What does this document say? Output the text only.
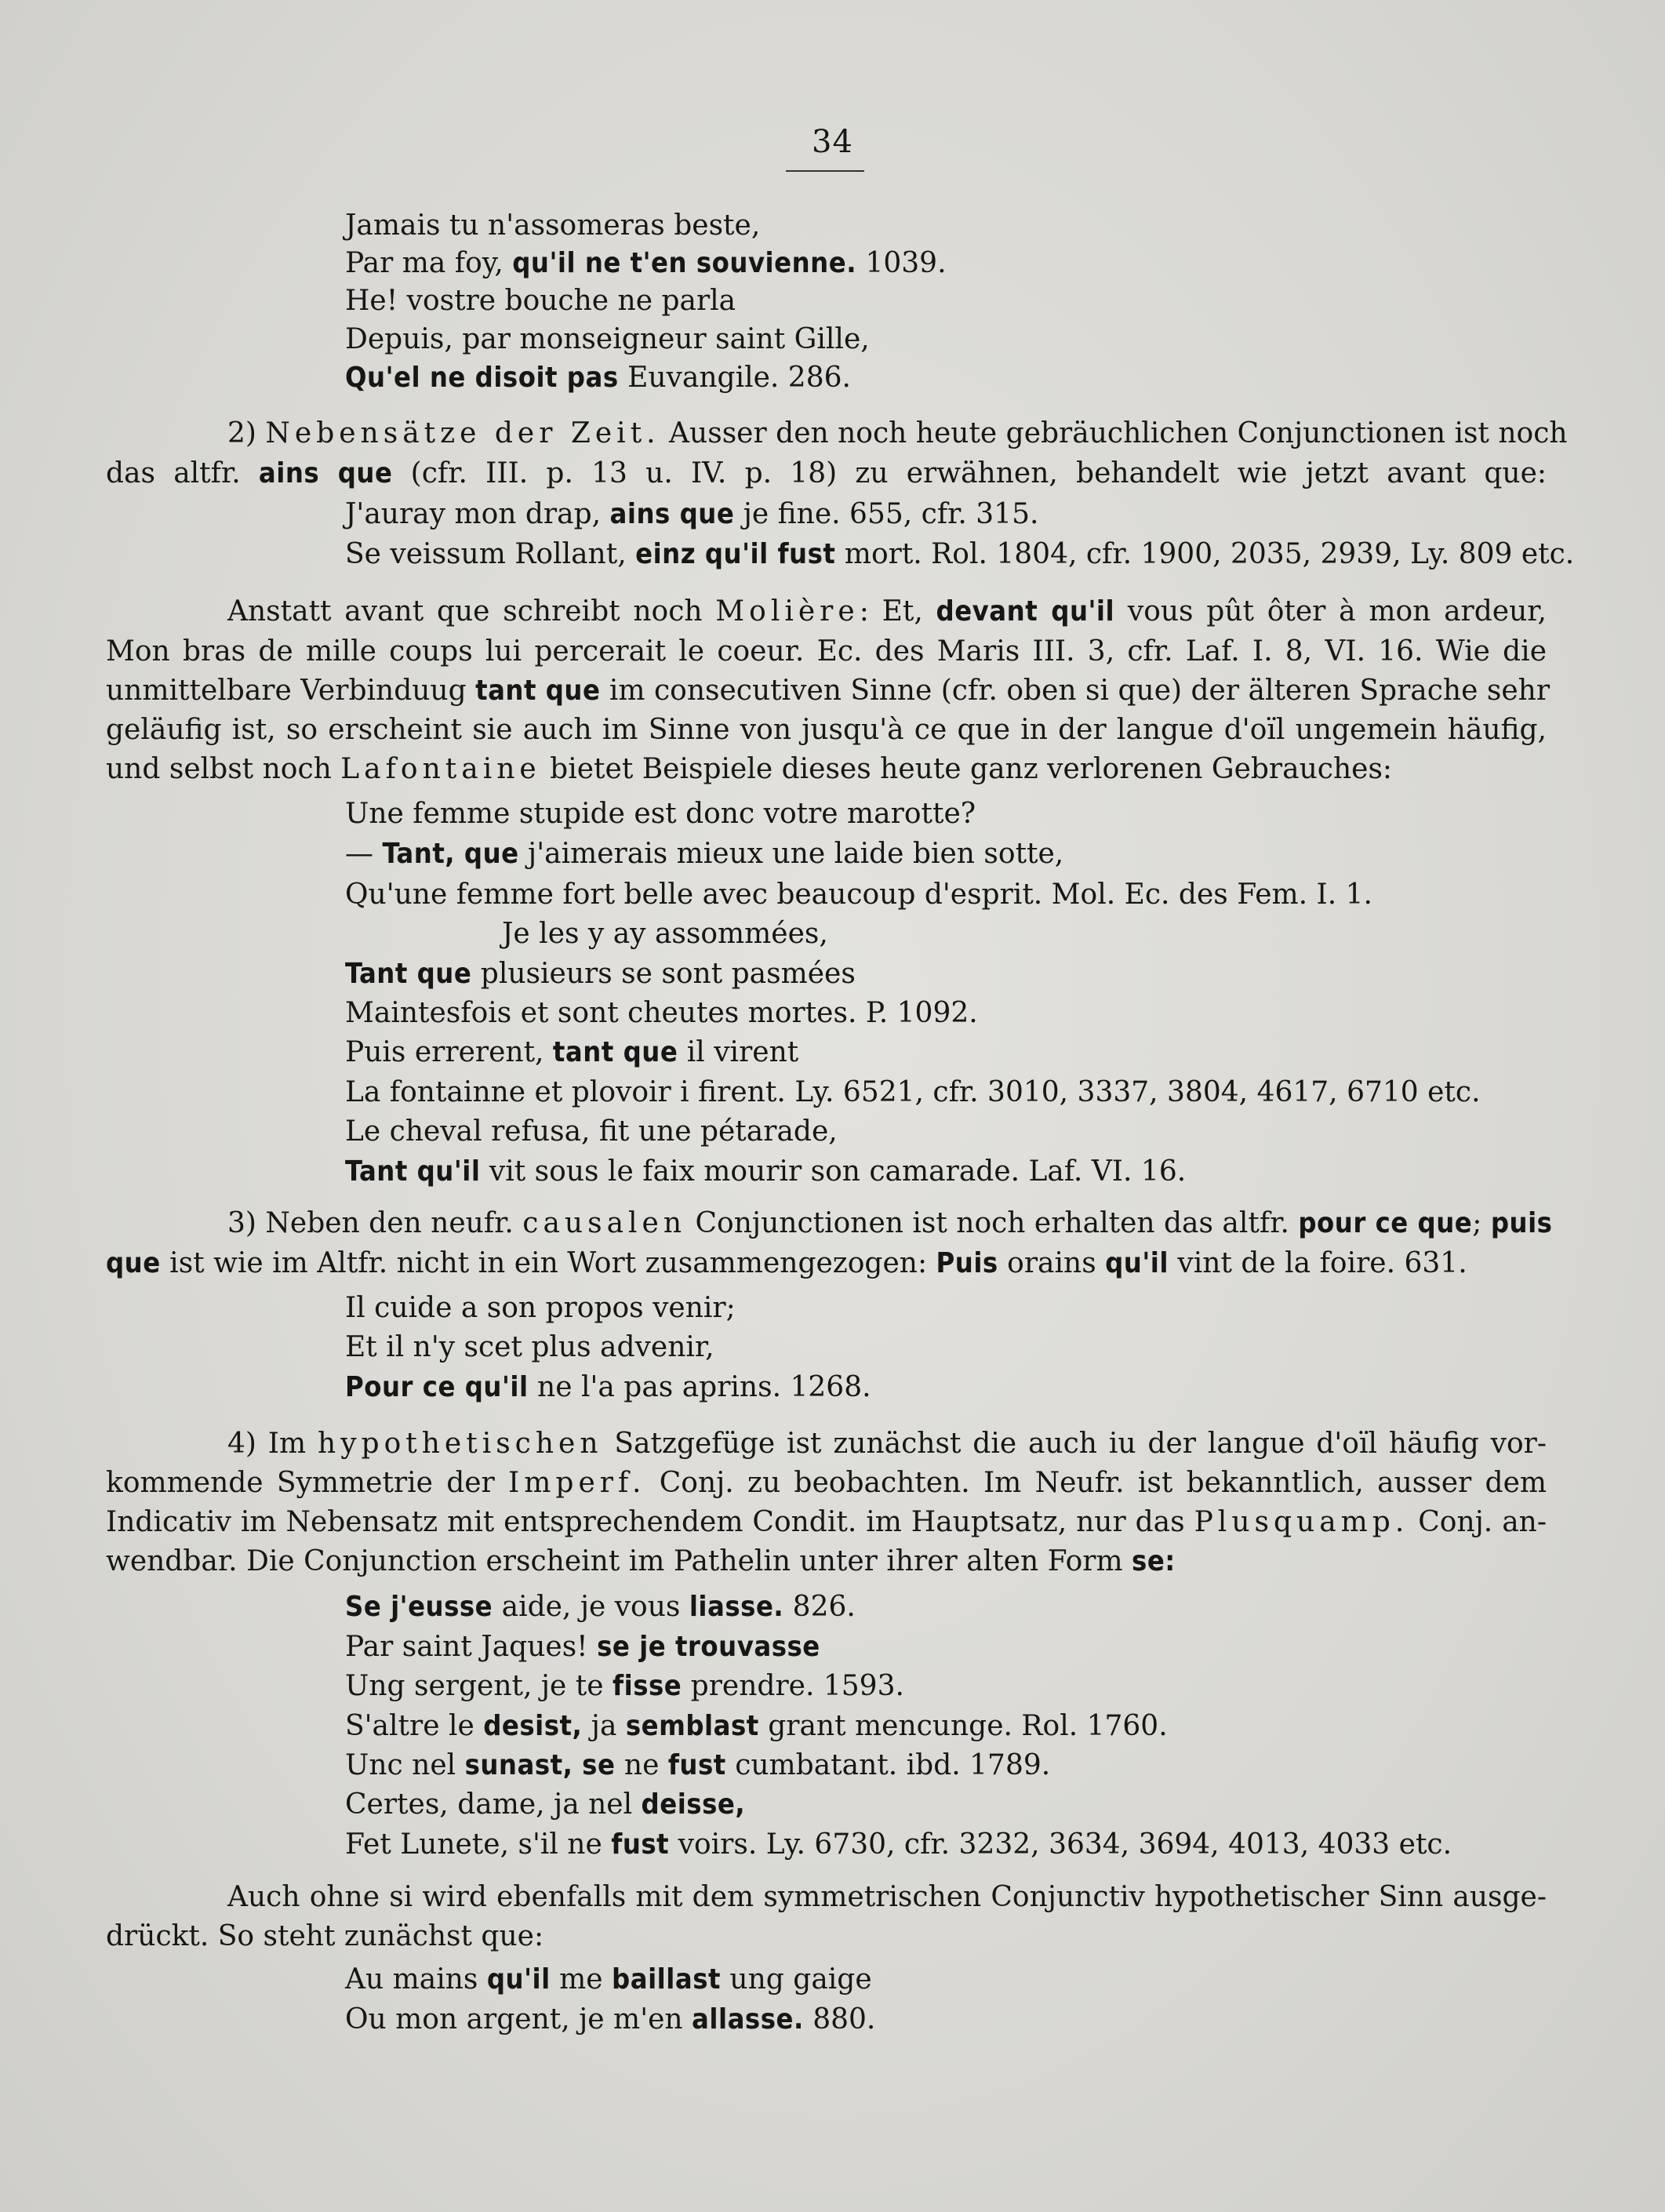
34
Jamais tu n'assomeras beste,
Par ma foy, qu'il ne t'en souvienne. 1039.
He! vostre bouche ne parla
Depuis, par monseigneur saint Gille,
Qu'el ne disoit pas Euvangile. 286.
2) Nebensätze der Zeit. Ausser den noch heute gebräuchlichen Conjunctionen ist noch
das altfr. ains que (cfr. III. p. 13 u. IV. p. 18) zu erwähnen, behandelt wie jetzt avant que:
J'auray mon drap, ains que je fine. 655, cfr. 315.
Se veissum Rollant, einz qu'il fust mort. Rol. 1804, cfr. 1900, 2035, 2939, Ly. 809 etc.
Anstatt avant que schreibt noch Molière: Et, devant qu'il vous pût ôter à mon ardeur,
Mon bras de mille coups lui percerait le coeur. Ec. des Maris III. 3, cfr. Laf. I. 8, VI. 16. Wie die
unmittelbare Verbinduug tant que im consecutiven Sinne (cfr. oben si que) der älteren Sprache sehr
geläufig ist, so erscheint sie auch im Sinne von jusqu'à ce que in der langue d'oïl ungemein häufig,
und selbst noch Lafontaine bietet Beispiele dieses heute ganz verlorenen Gebrauches:
Une femme stupide est donc votre marotte?
— Tant, que j'aimerais mieux une laide bien sotte,
Qu'une femme fort belle avec beaucoup d'esprit. Mol. Ec. des Fem. I. 1.
Je les y ay assommées,
Tant que plusieurs se sont pasmées
Maintesfois et sont cheutes mortes. P. 1092.
Puis errerent, tant que il virent
La fontainne et plovoir i firent. Ly. 6521, cfr. 3010, 3337, 3804, 4617, 6710 etc.
Le cheval refusa, fit une pétarade,
Tant qu'il vit sous le faix mourir son camarade. Laf. VI. 16.
3) Neben den neufr. causalen Conjunctionen ist noch erhalten das altfr. pour ce que; puis
que ist wie im Altfr. nicht in ein Wort zusammengezogen: Puis orains qu'il vint de la foire. 631.
Il cuide a son propos venir;
Et il n'y scet plus advenir,
Pour ce qu'il ne l'a pas aprins. 1268.
4) Im hypothetischen Satzgefüge ist zunächst die auch iu der langue d'oïl häufig vor-
kommende Symmetrie der Imperf. Conj. zu beobachten. Im Neufr. ist bekanntlich, ausser dem
Indicativ im Nebensatz mit entsprechendem Condit. im Hauptsatz, nur das Plusquamp. Conj. an-
wendbar. Die Conjunction erscheint im Pathelin unter ihrer alten Form se:
Se j'eusse aide, je vous liasse. 826.
Par saint Jaques! se je trouvasse
Ung sergent, je te fisse prendre. 1593.
S'altre le desist, ja semblast grant mencunge. Rol. 1760.
Unc nel sunast, se ne fust cumbatant. ibd. 1789.
Certes, dame, ja nel deisse,
Fet Lunete, s'il ne fust voirs. Ly. 6730, cfr. 3232, 3634, 3694, 4013, 4033 etc.
Auch ohne si wird ebenfalls mit dem symmetrischen Conjunctiv hypothetischer Sinn ausge-
drückt. So steht zunächst que:
Au mains qu'il me baillast ung gaige
Ou mon argent, je m'en allasse. 880.
